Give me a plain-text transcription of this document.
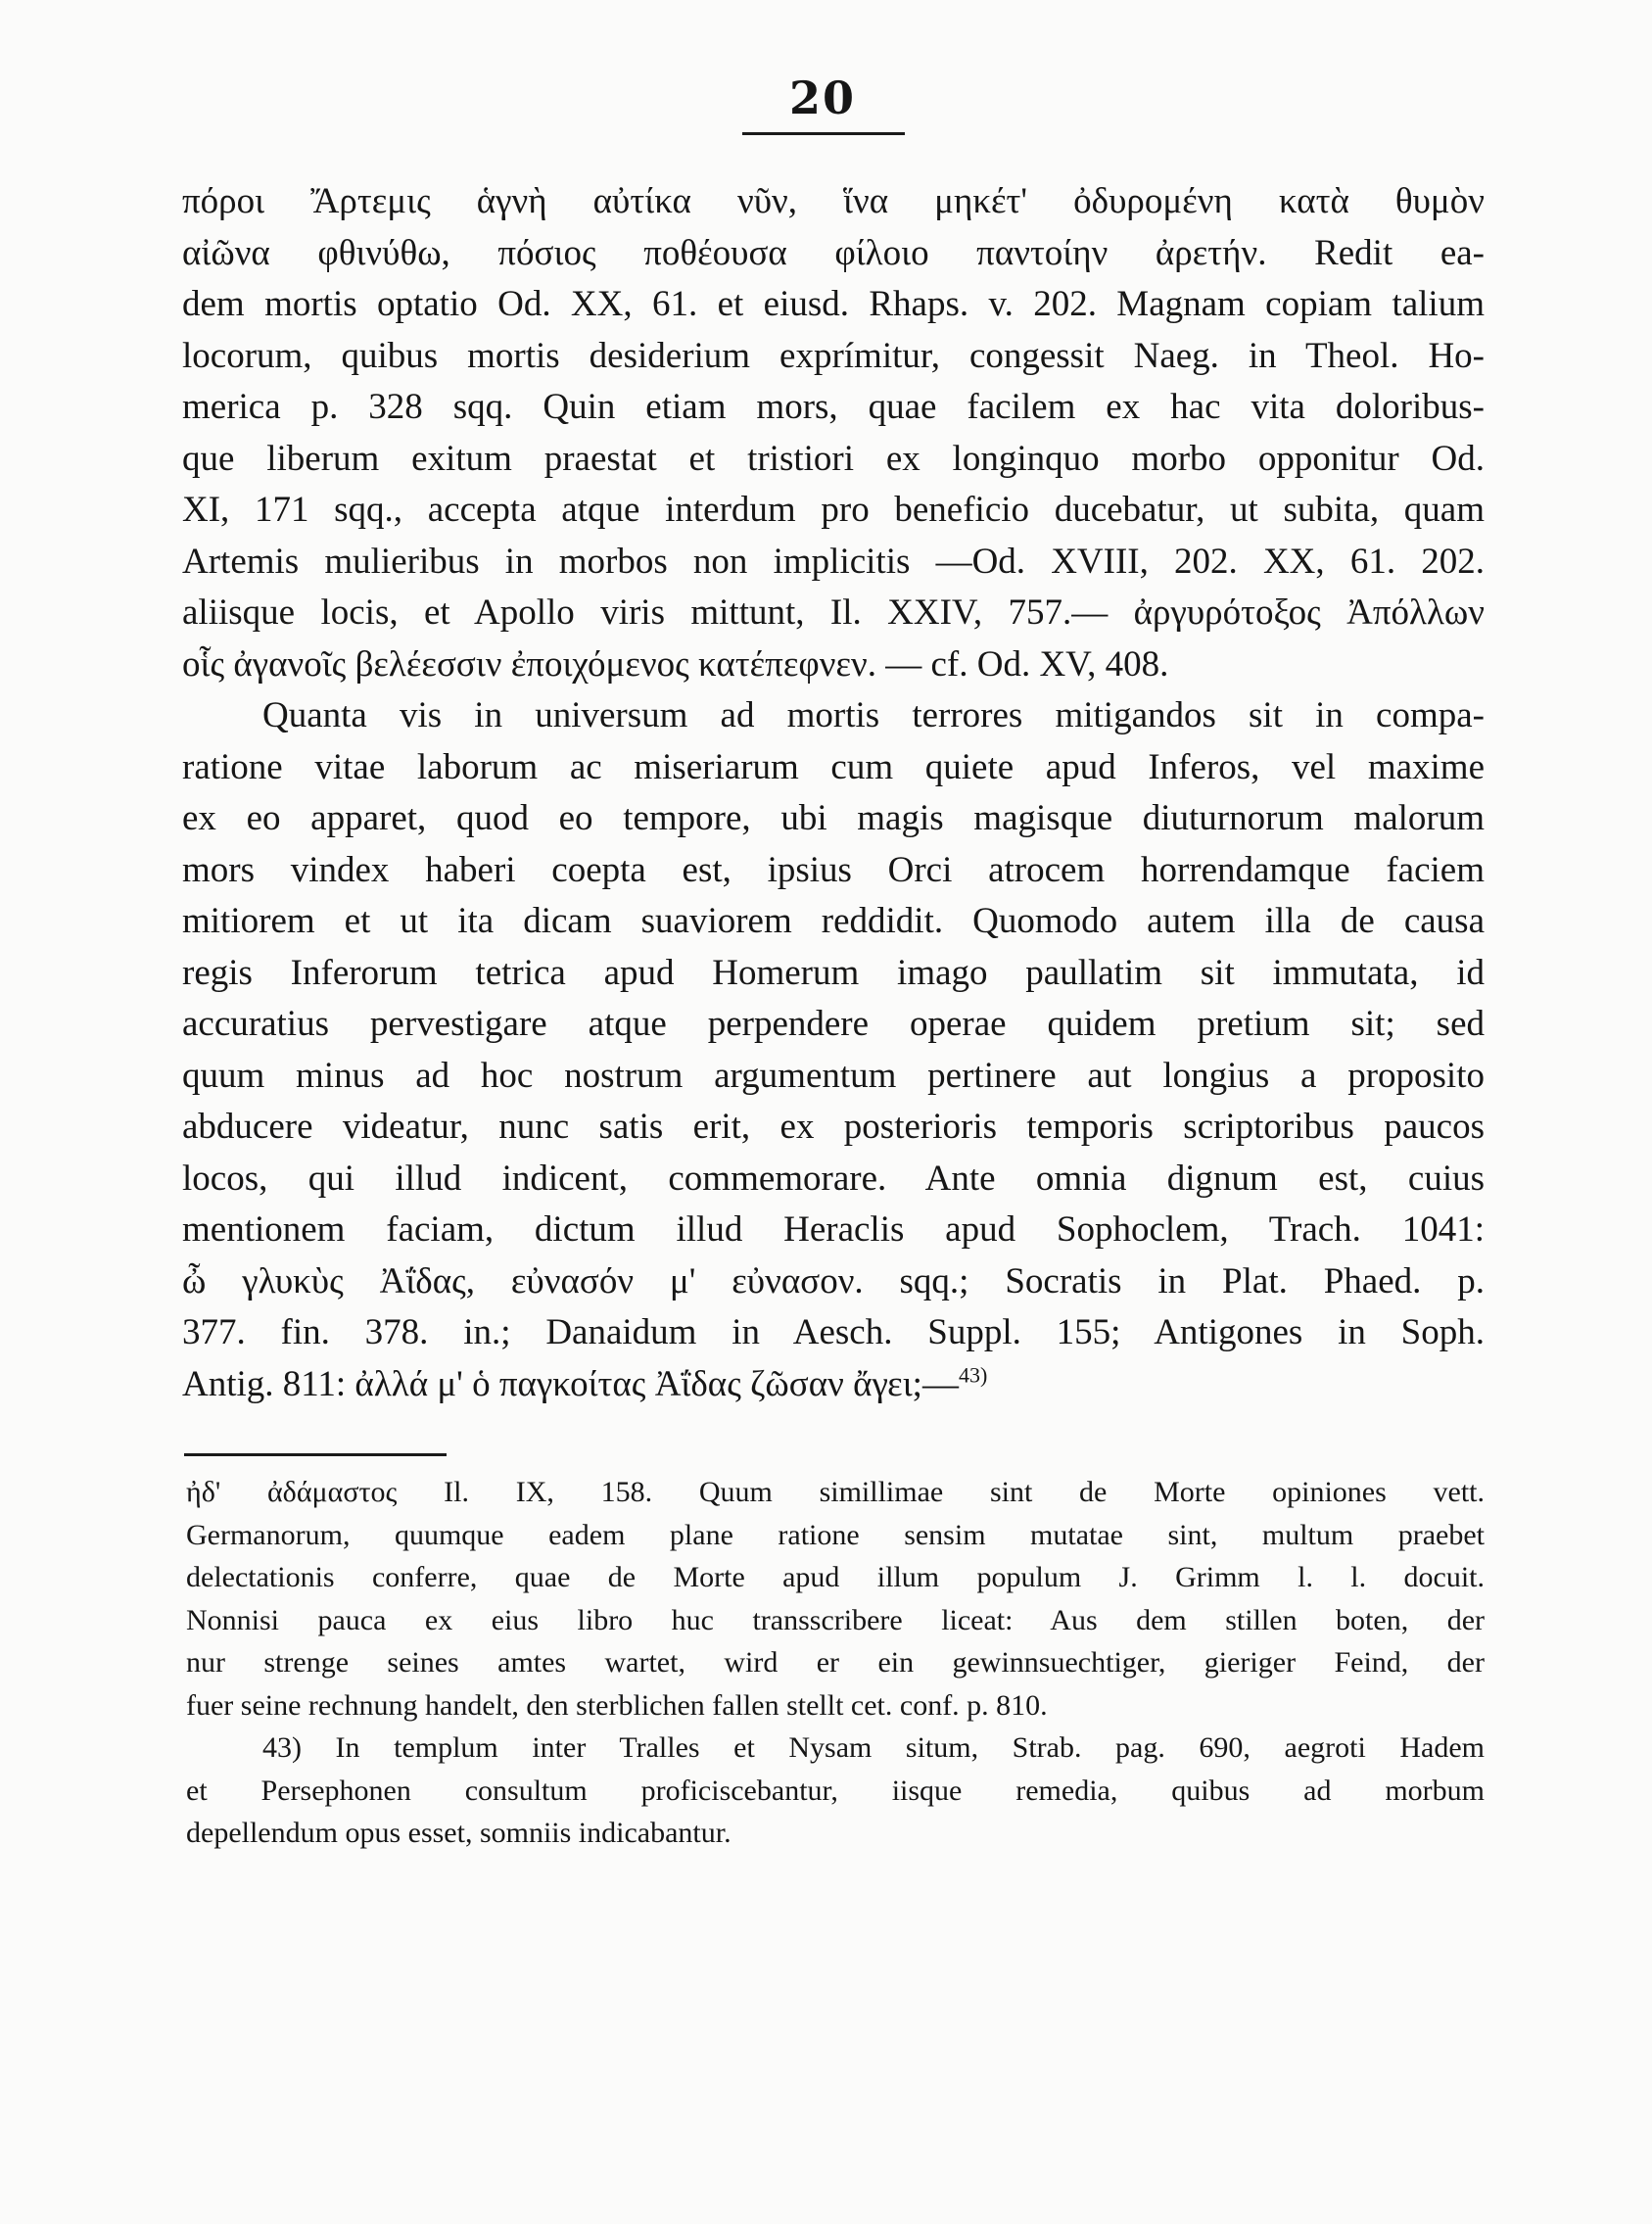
20
πόροι Ἄρτεμις ἁγνὴ αὐτίκα νῦν, ἵνα μηκέτ' ὀδυρομένη κατὰ θυμὸν
αἰῶνα φθινύθω, πόσιος ποθέουσα φίλοιο παντοίην ἀρετήν. Redit ea-
dem mortis optatio Od. XX, 61. et eiusd. Rhaps. v. 202. Magnam copiam talium
locorum, quibus mortis desiderium exprímitur, congessit Naeg. in Theol. Ho-
merica p. 328 sqq. Quin etiam mors, quae facilem ex hac vita doloribus-
que liberum exitum praestat et tristiori ex longinquo morbo opponitur Od.
XI, 171 sqq., accepta atque interdum pro beneficio ducebatur, ut subita, quam
Artemis mulieribus in morbos non implicitis —Od. XVIII, 202. XX, 61. 202.
aliisque locis, et Apollo viris mittunt, Il. XXIV, 757.— ἀργυρότοξος Ἀπόλλων
οἷς ἀγανοῖς βελέεσσιν ἐποιχόμενος κατέπεφνεν. — cf. Od. XV, 408.
Quanta vis in universum ad mortis terrores mitigandos sit in compa-
ratione vitae laborum ac miseriarum cum quiete apud Inferos, vel maxime
ex eo apparet, quod eo tempore, ubi magis magisque diuturnorum malorum
mors vindex haberi coepta est, ipsius Orci atrocem horrendamque faciem
mitiorem et ut ita dicam suaviorem reddidit. Quomodo autem illa de causa
regis Inferorum tetrica apud Homerum imago paullatim sit immutata, id
accuratius pervestigare atque perpendere operae quidem pretium sit; sed
quum minus ad hoc nostrum argumentum pertinere aut longius a proposito
abducere videatur, nunc satis erit, ex posterioris temporis scriptoribus paucos
locos, qui illud indicent, commemorare. Ante omnia dignum est, cuius
mentionem faciam, dictum illud Heraclis apud Sophoclem, Trach. 1041:
ὦ γλυκὺς Ἀΐδας, εὐνασόν μ' εὐνασον. sqq.; Socratis in Plat. Phaed. p.
377. fin. 378. in.; Danaidum in Aesch. Suppl. 155; Antigones in Soph.
Antig. 811: ἀλλά μ' ὁ παγκοίτας Ἀΐδας ζῶσαν ἄγει;—$^{43)}$
ἠδ' ἀδάμαστος Il. IX, 158. Quum simillimae sint de Morte opiniones vett.
Germanorum, quumque eadem plane ratione sensim mutatae sint, multum praebet
delectationis conferre, quae de Morte apud illum populum J. Grimm l. l. docuit.
Nonnisi pauca ex eius libro huc transscribere liceat: Aus dem stillen boten, der
nur strenge seines amtes wartet, wird er ein gewinnsuechtiger, gieriger Feind, der
fuer seine rechnung handelt, den sterblichen fallen stellt cet. conf. p. 810.
43) In templum inter Tralles et Nysam situm, Strab. pag. 690, aegroti Hadem
et Persephonen consultum proficiscebantur, iisque remedia, quibus ad morbum
depellendum opus esset, somniis indicabantur.
